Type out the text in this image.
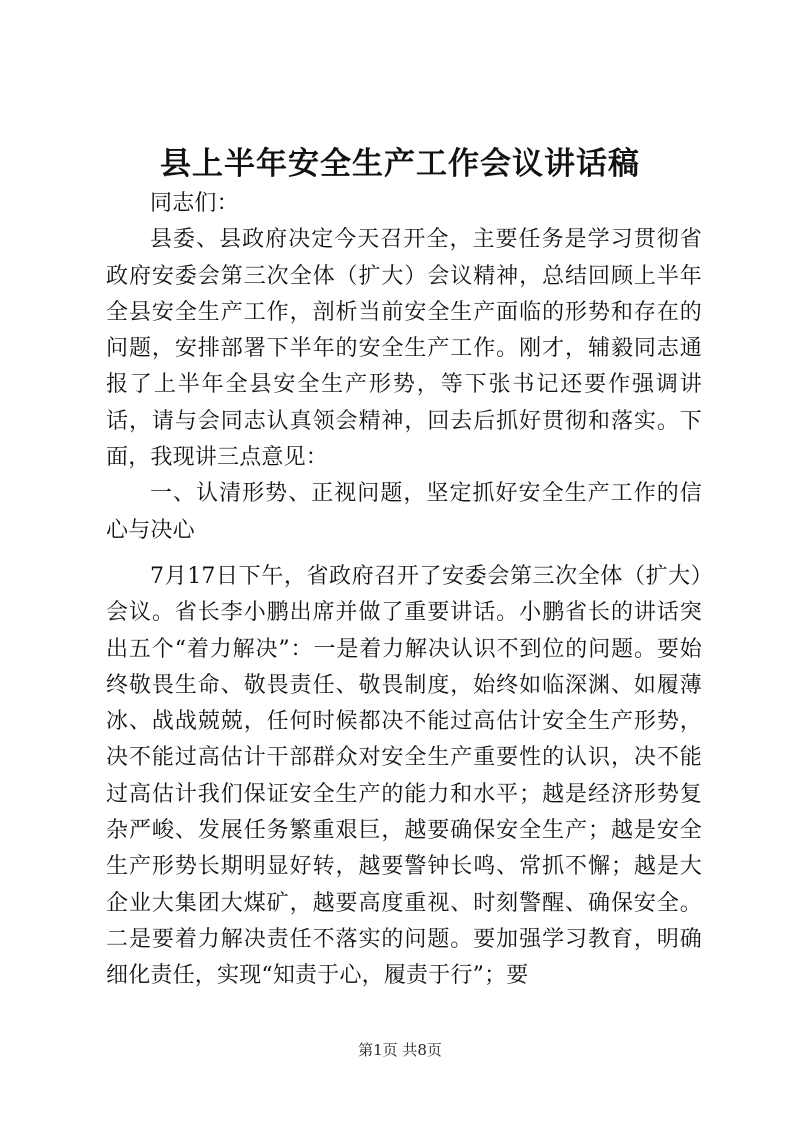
县上半年安全生产工作会议讲话稿

同志们：

县委、县政府决定今天召开全，主要任务是学习贯彻省政府安委会第三次全体（扩大）会议精神，总结回顾上半年全县安全生产工作，剖析当前安全生产面临的形势和存在的问题，安排部署下半年的安全生产工作。刚才，辅毅同志通报了上半年全县安全生产形势，等下张书记还要作强调讲话，请与会同志认真领会精神，回去后抓好贯彻和落实。下面，我现讲三点意见：

一、认清形势、正视问题，坚定抓好安全生产工作的信心与决心

7月17日下午，省政府召开了安委会第三次全体（扩大）会议。省长李小鹏出席并做了重要讲话。小鹏省长的讲话突出五个“着力解决”：一是着力解决认识不到位的问题。要始终敬畏生命、敬畏责任、敬畏制度，始终如临深渊、如履薄冰、战战兢兢，任何时候都决不能过高估计安全生产形势，决不能过高估计干部群众对安全生产重要性的认识，决不能过高估计我们保证安全生产的能力和水平；越是经济形势复杂严峻、发展任务繁重艰巨，越要确保安全生产；越是安全生产形势长期明显好转，越要警钟长鸣、常抓不懈；越是大企业大集团大煤矿，越要高度重视、时刻警醒、确保安全。二是要着力解决责任不落实的问题。要加强学习教育，明确细化责任，实现“知责于心，履责于行”；要

第1页 共8页
